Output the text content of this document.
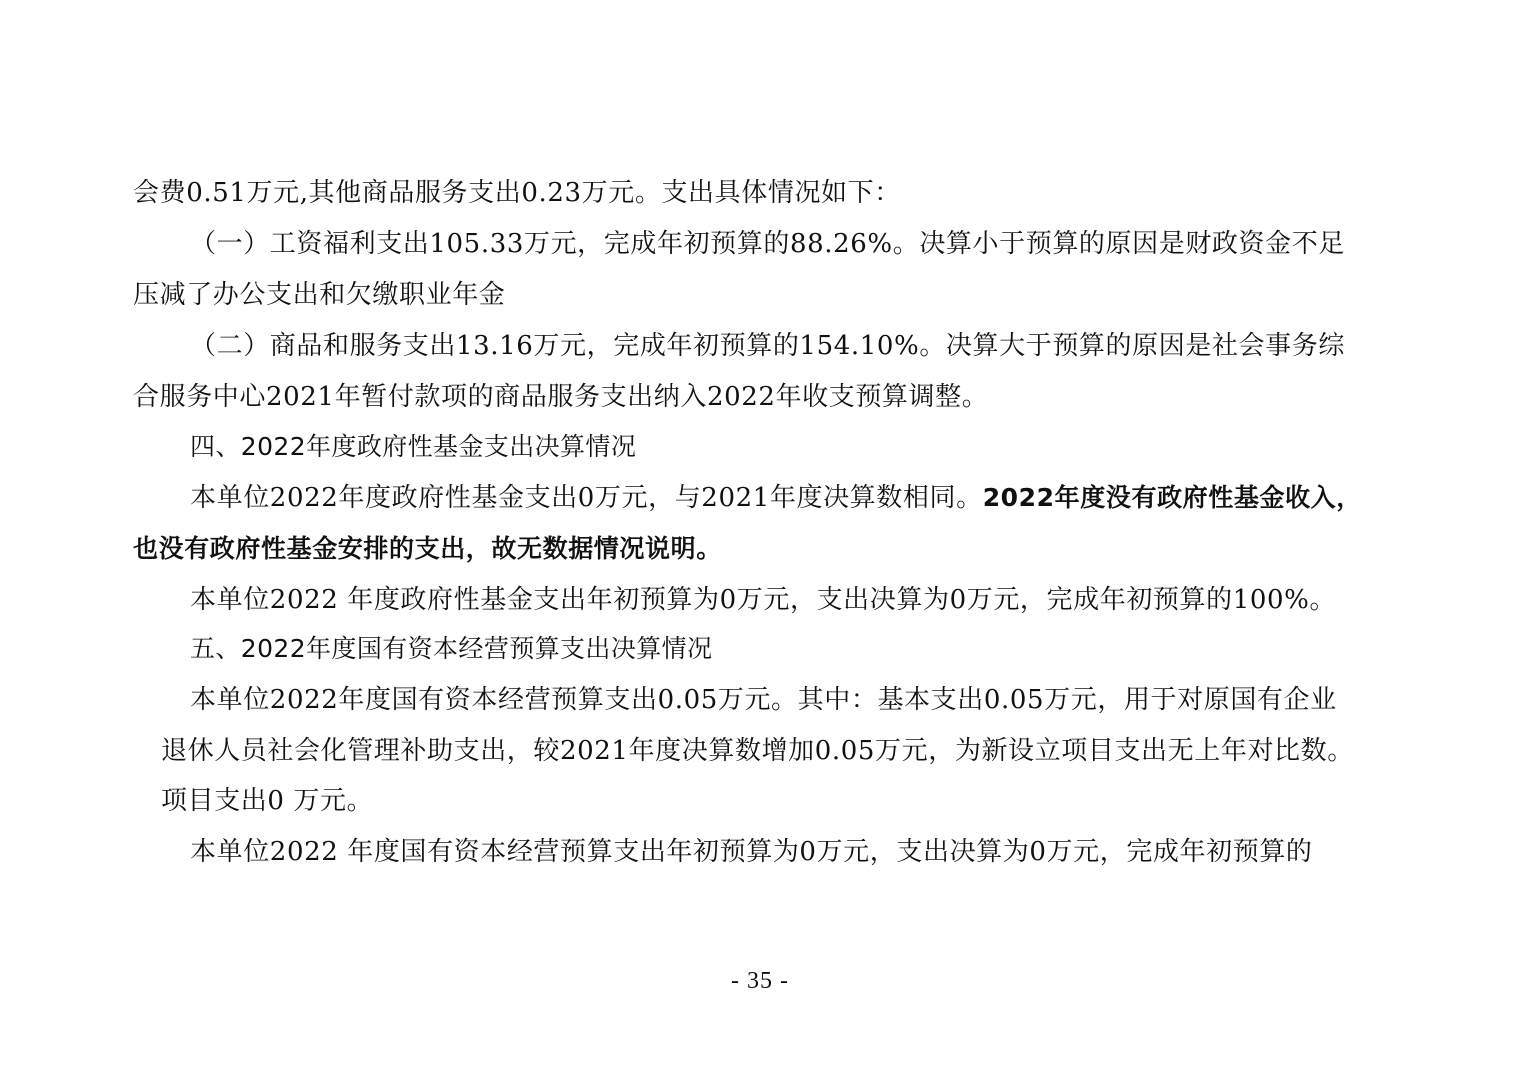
会费0.51万元,其他商品服务支出0.23万元。支出具体情况如下：
（一）工资福利支出105.33万元，完成年初预算的88.26%。决算小于预算的原因是财政资金不足
压减了办公支出和欠缴职业年金
（二）商品和服务支出13.16万元，完成年初预算的154.10%。决算大于预算的原因是社会事务综
合服务中心2021年暂付款项的商品服务支出纳入2022年收支预算调整。
四、2022年度政府性基金支出决算情况
本单位2022年度政府性基金支出0万元，与2021年度决算数相同。2022年度没有政府性基金收入，
也没有政府性基金安排的支出，故无数据情况说明。
本单位2022 年度政府性基金支出年初预算为0万元，支出决算为0万元，完成年初预算的100%。
五、2022年度国有资本经营预算支出决算情况
本单位2022年度国有资本经营预算支出0.05万元。其中：基本支出0.05万元，用于对原国有企业
退休人员社会化管理补助支出，较2021年度决算数增加0.05万元，为新设立项目支出无上年对比数。
项目支出0 万元。
本单位2022 年度国有资本经营预算支出年初预算为0万元，支出决算为0万元，完成年初预算的
- 35 -
